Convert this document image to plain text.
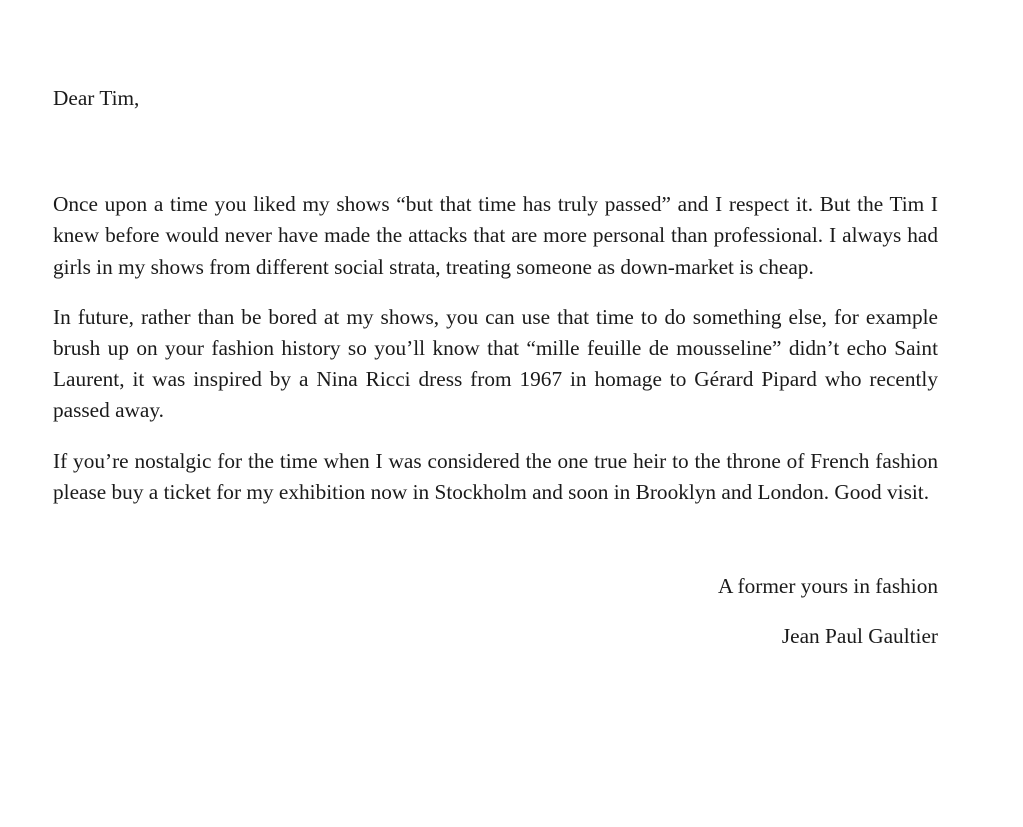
Dear Tim,

Once upon a time you liked my shows “but that time has truly passed” and I respect it. But the Tim I knew before would never have made the attacks that are more personal than professional. I always had girls in my shows from different social strata, treating someone as down-market is cheap.

In future, rather than be bored at my shows, you can use that time to do something else, for example brush up on your fashion history so you’ll know that “mille feuille de mousseline” didn’t echo Saint Laurent, it was inspired by a Nina Ricci dress from 1967 in homage to Gérard Pipard who recently passed away.

If you’re nostalgic for the time when I was considered the one true heir to the throne of French fashion please buy a ticket for my exhibition now in Stockholm and soon in Brooklyn and London. Good visit.

A former yours in fashion

Jean Paul Gaultier
